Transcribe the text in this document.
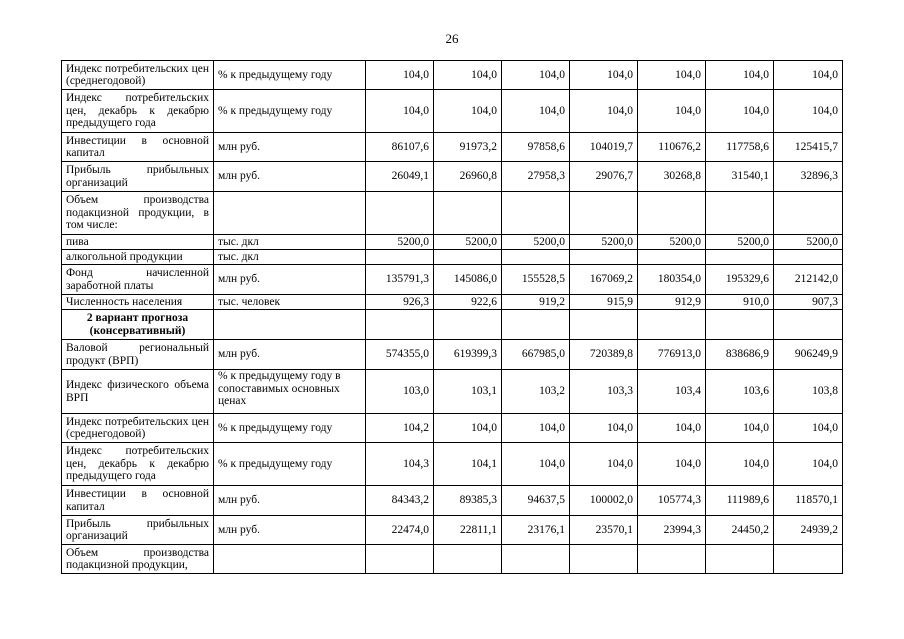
26
Индекс потребительских цен (среднегодовой)	% к предыдущему году	104,0	104,0	104,0	104,0	104,0	104,0	104,0
Индекс потребительских цен, декабрь к декабрю предыдущего года	% к предыдущему году	104,0	104,0	104,0	104,0	104,0	104,0	104,0
Инвестиции в основной капитал	млн руб.	86107,6	91973,2	97858,6	104019,7	110676,2	117758,6	125415,7
Прибыль прибыльных организаций	млн руб.	26049,1	26960,8	27958,3	29076,7	30268,8	31540,1	32896,3
Объем производства подакцизной продукции, в том числе:								
пива	тыс. дкл	5200,0	5200,0	5200,0	5200,0	5200,0	5200,0	5200,0
алкогольной продукции	тыс. дкл							
Фонд начисленной заработной платы	млн руб.	135791,3	145086,0	155528,5	167069,2	180354,0	195329,6	212142,0
Численность населения	тыс. человек	926,3	922,6	919,2	915,9	912,9	910,0	907,3
2 вариант прогноза (консервативный)								
Валовой региональный продукт (ВРП)	млн руб.	574355,0	619399,3	667985,0	720389,8	776913,0	838686,9	906249,9
Индекс физического объема ВРП	% к предыдущему году в сопоставимых основных ценах	103,0	103,1	103,2	103,3	103,4	103,6	103,8
Индекс потребительских цен (среднегодовой)	% к предыдущему году	104,2	104,0	104,0	104,0	104,0	104,0	104,0
Индекс потребительских цен, декабрь к декабрю предыдущего года	% к предыдущему году	104,3	104,1	104,0	104,0	104,0	104,0	104,0
Инвестиции в основной капитал	млн руб.	84343,2	89385,3	94637,5	100002,0	105774,3	111989,6	118570,1
Прибыль прибыльных организаций	млн руб.	22474,0	22811,1	23176,1	23570,1	23994,3	24450,2	24939,2
Объем производства подакцизной продукции,								
